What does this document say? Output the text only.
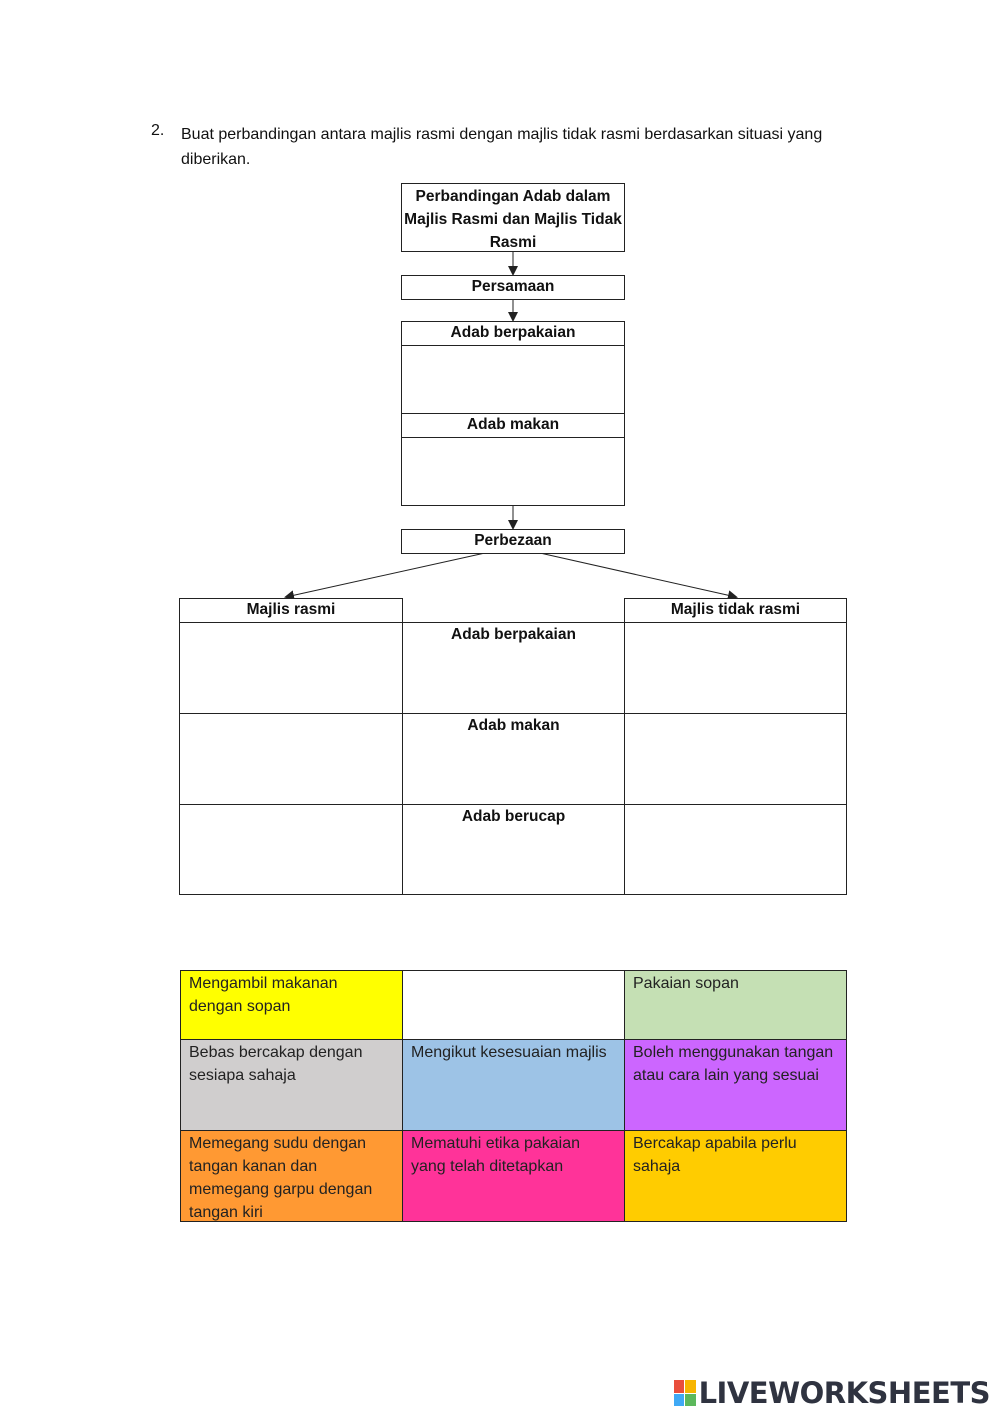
2. Buat perbandingan antara majlis rasmi dengan majlis tidak rasmi berdasarkan situasi yang diberikan.
Perbandingan Adab dalam Majlis Rasmi dan Majlis Tidak Rasmi
Persamaan
Adab berpakaian
Adab makan
Perbezaan
Majlis rasmi	Majlis tidak rasmi
Adab berpakaian
Adab makan
Adab berucap
Mengambil makanan dengan sopan
Pakaian sopan
Bebas bercakap dengan sesiapa sahaja
Mengikut kesesuaian majlis	Boleh menggunakan tangan atau cara lain yang sesuai
Memegang sudu dengan tangan kanan dan memegang garpu dengan tangan kiri
Mematuhi etika pakaian yang telah ditetapkan
Bercakap apabila perlu sahaja
LIVEWORKSHEETS
